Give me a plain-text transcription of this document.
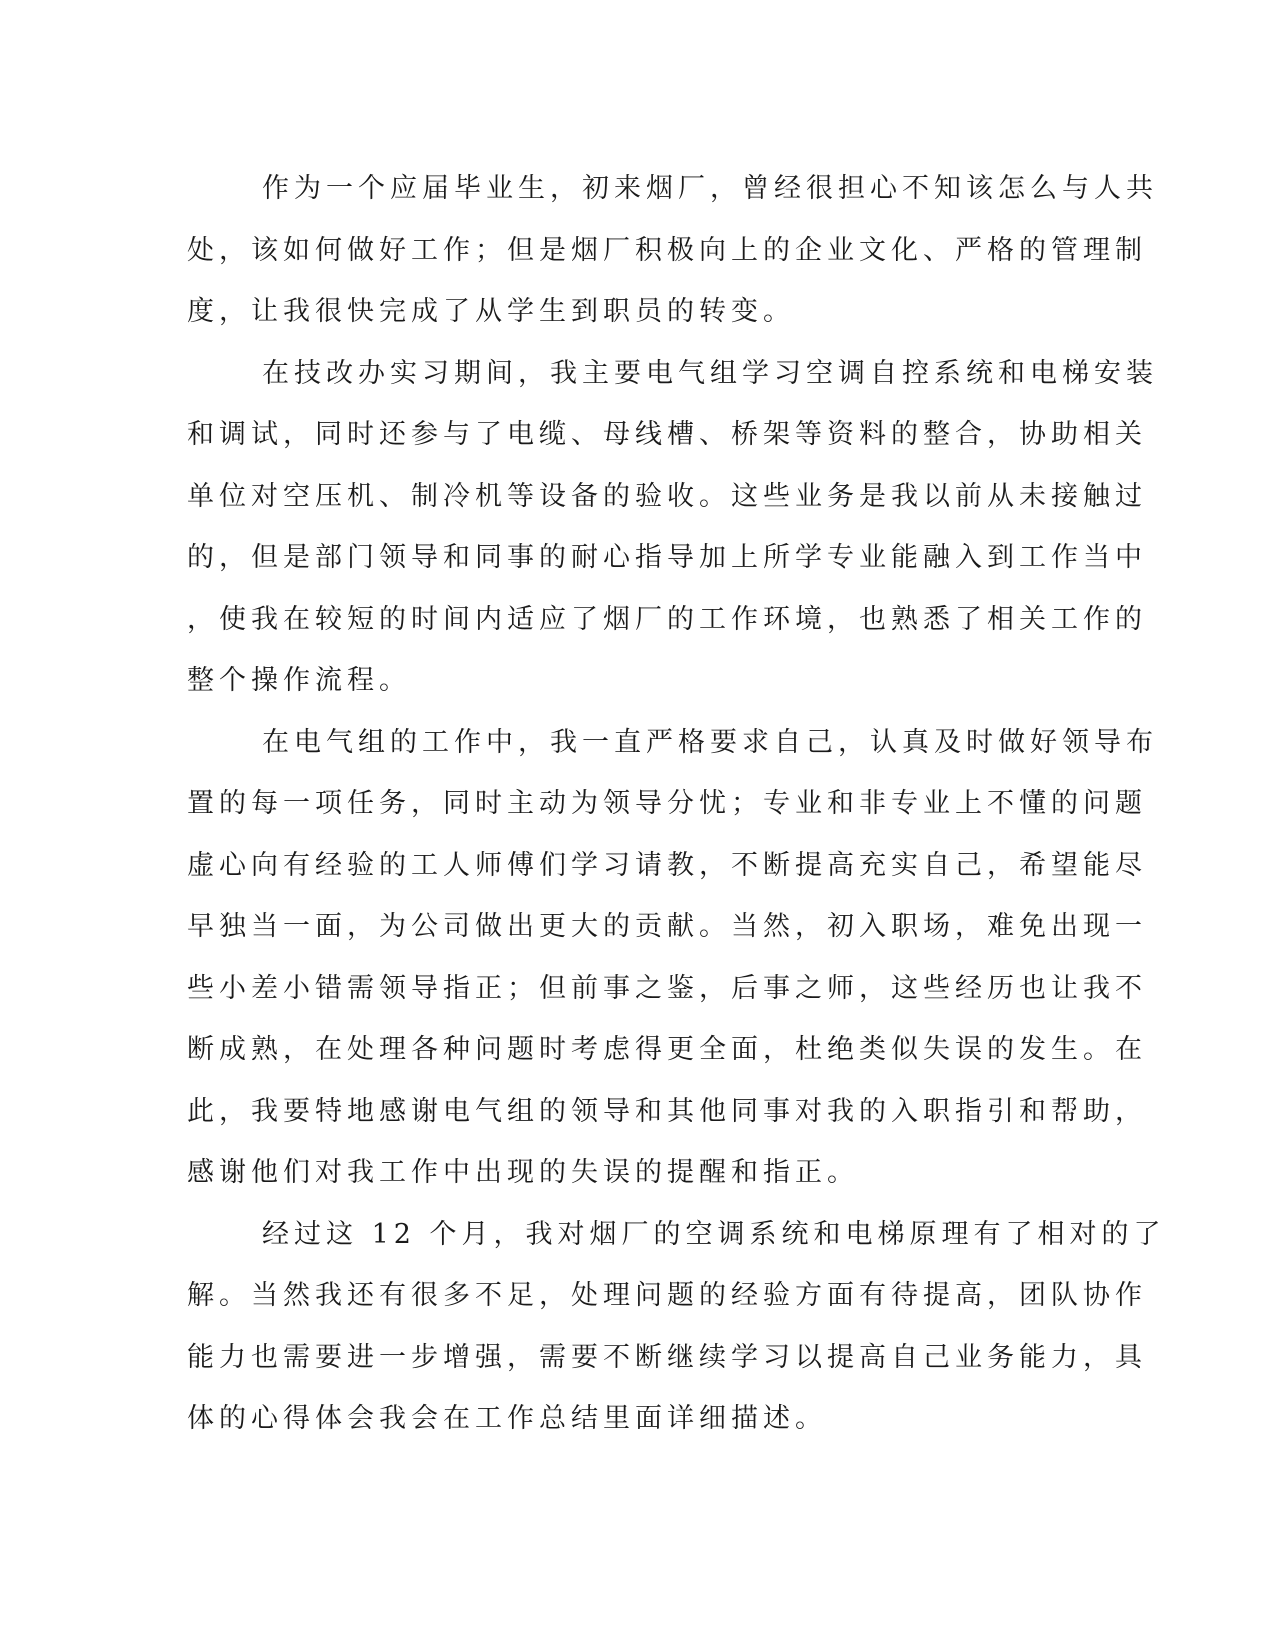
作为一个应届毕业生，初来烟厂，曾经很担心不知该怎么与人共
处，该如何做好工作；但是烟厂积极向上的企业文化、严格的管理制
度，让我很快完成了从学生到职员的转变。

在技改办实习期间，我主要电气组学习空调自控系统和电梯安装
和调试，同时还参与了电缆、母线槽、桥架等资料的整合，协助相关
单位对空压机、制冷机等设备的验收。这些业务是我以前从未接触过
的，但是部门领导和同事的耐心指导加上所学专业能融入到工作当中
，使我在较短的时间内适应了烟厂的工作环境，也熟悉了相关工作的
整个操作流程。

在电气组的工作中，我一直严格要求自己，认真及时做好领导布
置的每一项任务，同时主动为领导分忧；专业和非专业上不懂的问题
虚心向有经验的工人师傅们学习请教，不断提高充实自己，希望能尽
早独当一面，为公司做出更大的贡献。当然，初入职场，难免出现一
些小差小错需领导指正；但前事之鉴，后事之师，这些经历也让我不
断成熟，在处理各种问题时考虑得更全面，杜绝类似失误的发生。在
此，我要特地感谢电气组的领导和其他同事对我的入职指引和帮助，
感谢他们对我工作中出现的失误的提醒和指正。

经过这 12 个月，我对烟厂的空调系统和电梯原理有了相对的了
解。当然我还有很多不足，处理问题的经验方面有待提高，团队协作
能力也需要进一步增强，需要不断继续学习以提高自己业务能力，具
体的心得体会我会在工作总结里面详细描述。
